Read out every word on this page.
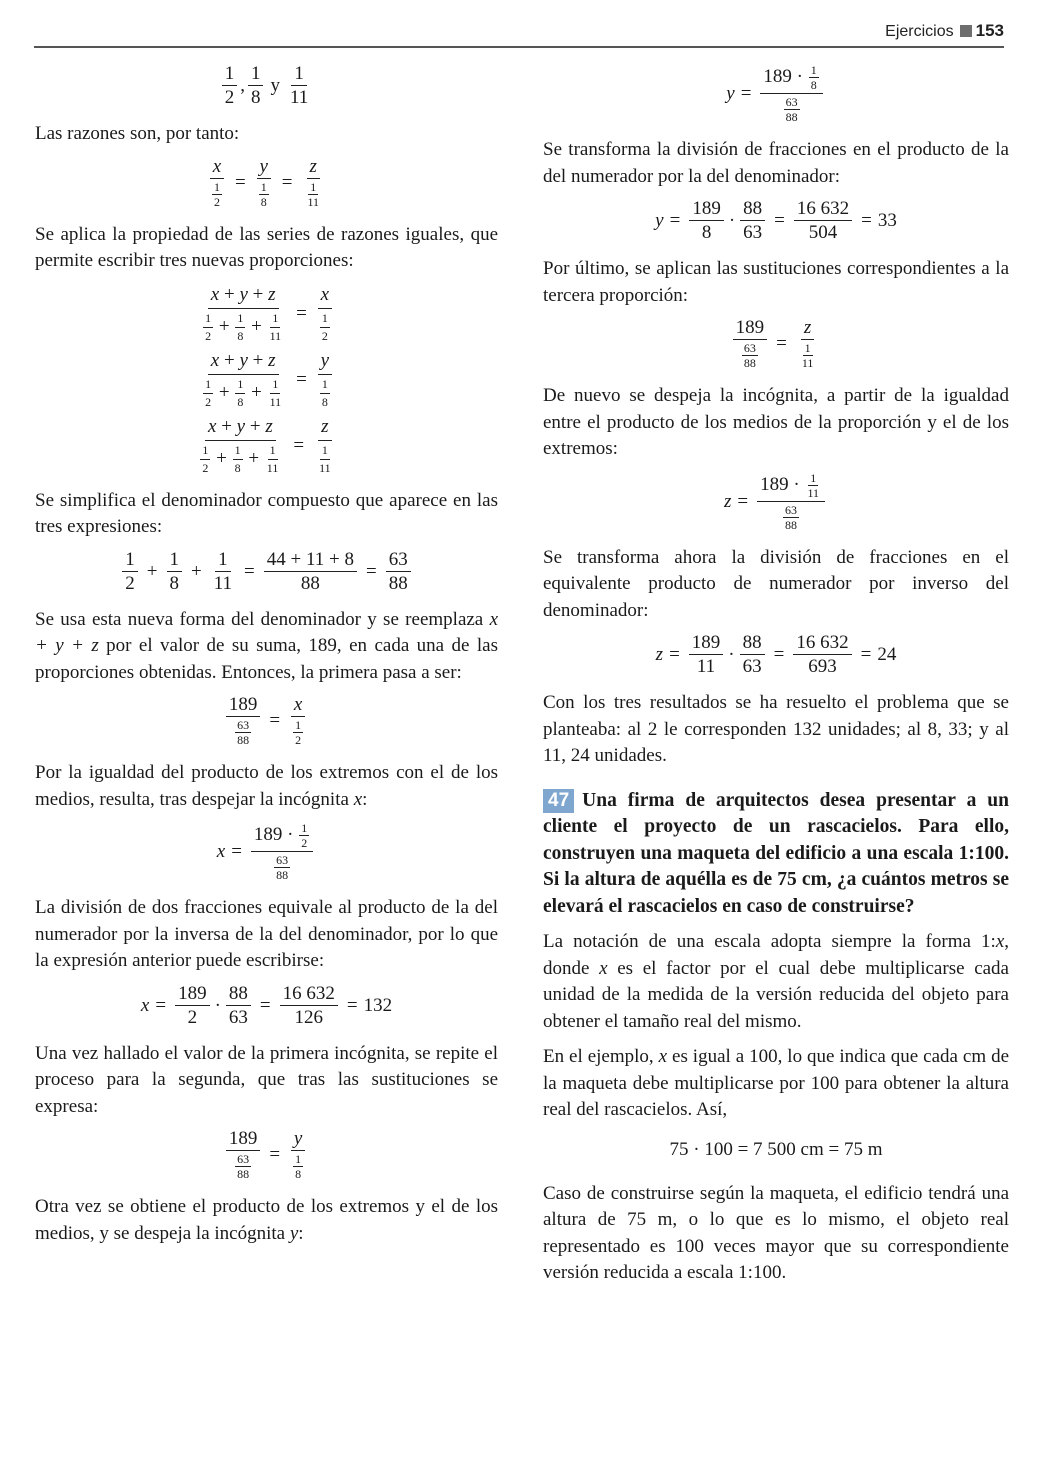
Ejercicios 153
$\frac{1}{2}$ , $\frac{1}{8}$ y $\frac{1}{11}$

Las razones son, por tanto:

$\frac{x}{\frac{1}{2}} = \frac{y}{\frac{1}{8}} = \frac{z}{\frac{1}{11}}$

Se aplica la propiedad de las series de razones iguales, que permite escribir tres nuevas proporciones:

$\frac{x + y + z}{\frac{1}{2} + \frac{1}{8} + \frac{1}{11}} = \frac{x}{\frac{1}{2}}$
$\frac{x + y + z}{\frac{1}{2} + \frac{1}{8} + \frac{1}{11}} = \frac{y}{\frac{1}{8}}$
$\frac{x + y + z}{\frac{1}{2} + \frac{1}{8} + \frac{1}{11}} = \frac{z}{\frac{1}{11}}$

Se simplifica el denominador compuesto que aparece en las tres expresiones:

$\frac{1}{2} + \frac{1}{8} + \frac{1}{11} = \frac{44 + 11 + 8}{88} = \frac{63}{88}$

Se usa esta nueva forma del denominador y se reemplaza x + y + z por el valor de su suma, 189, en cada una de las proporciones obtenidas. Entonces, la primera pasa a ser:

$\frac{189}{\frac{63}{88}} = \frac{x}{\frac{1}{2}}$

Por la igualdad del producto de los extremos con el de los medios, resulta, tras despejar la incógnita x:

$x = \frac{189 \cdot \frac{1}{2}}{\frac{63}{88}}$

La división de dos fracciones equivale al producto de la del numerador por la inversa de la del denominador, por lo que la expresión anterior puede escribirse:

$x = \frac{189}{2} \cdot \frac{88}{63} = \frac{16 632}{126} = 132$

Una vez hallado el valor de la primera incógnita, se repite el proceso para la segunda, que tras las sustituciones se expresa:

$\frac{189}{\frac{63}{88}} = \frac{y}{\frac{1}{8}}$

Otra vez se obtiene el producto de los extremos y el de los medios, y se despeja la incógnita y:

$y = \frac{189 \cdot \frac{1}{8}}{\frac{63}{88}}$

Se transforma la división de fracciones en el producto de la del numerador por la del denominador:

$y = \frac{189}{8} \cdot \frac{88}{63} = \frac{16 632}{504} = 33$

Por último, se aplican las sustituciones correspondientes a la tercera proporción:

$\frac{189}{\frac{63}{88}} = \frac{z}{\frac{1}{11}}$

De nuevo se despeja la incógnita, a partir de la igualdad entre el producto de los medios de la proporción y el de los extremos:

$z = \frac{189 \cdot \frac{1}{11}}{\frac{63}{88}}$

Se transforma ahora la división de fracciones en el equivalente producto de numerador por inverso del denominador:

$z = \frac{189}{11} \cdot \frac{88}{63} = \frac{16 632}{693} = 24$

Con los tres resultados se ha resuelto el problema que se planteaba: al 2 le corresponden 132 unidades; al 8, 33; y al 11, 24 unidades.

47 Una firma de arquitectos desea presentar a un cliente el proyecto de un rascacielos. Para ello, construyen una maqueta del edificio a una escala 1:100. Si la altura de aquélla es de 75 cm, ¿a cuántos metros se elevará el rascacielos en caso de construirse?

La notación de una escala adopta siempre la forma 1:x, donde x es el factor por el cual debe multiplicarse cada unidad de la medida de la versión reducida del objeto para obtener el tamaño real del mismo.

En el ejemplo, x es igual a 100, lo que indica que cada cm de la maqueta debe multiplicarse por 100 para obtener la altura real del rascacielos. Así,

75 · 100 = 7 500 cm = 75 m

Caso de construirse según la maqueta, el edificio tendrá una altura de 75 m, o lo que es lo mismo, el objeto real representado es 100 veces mayor que su correspondiente versión reducida a escala 1:100.
